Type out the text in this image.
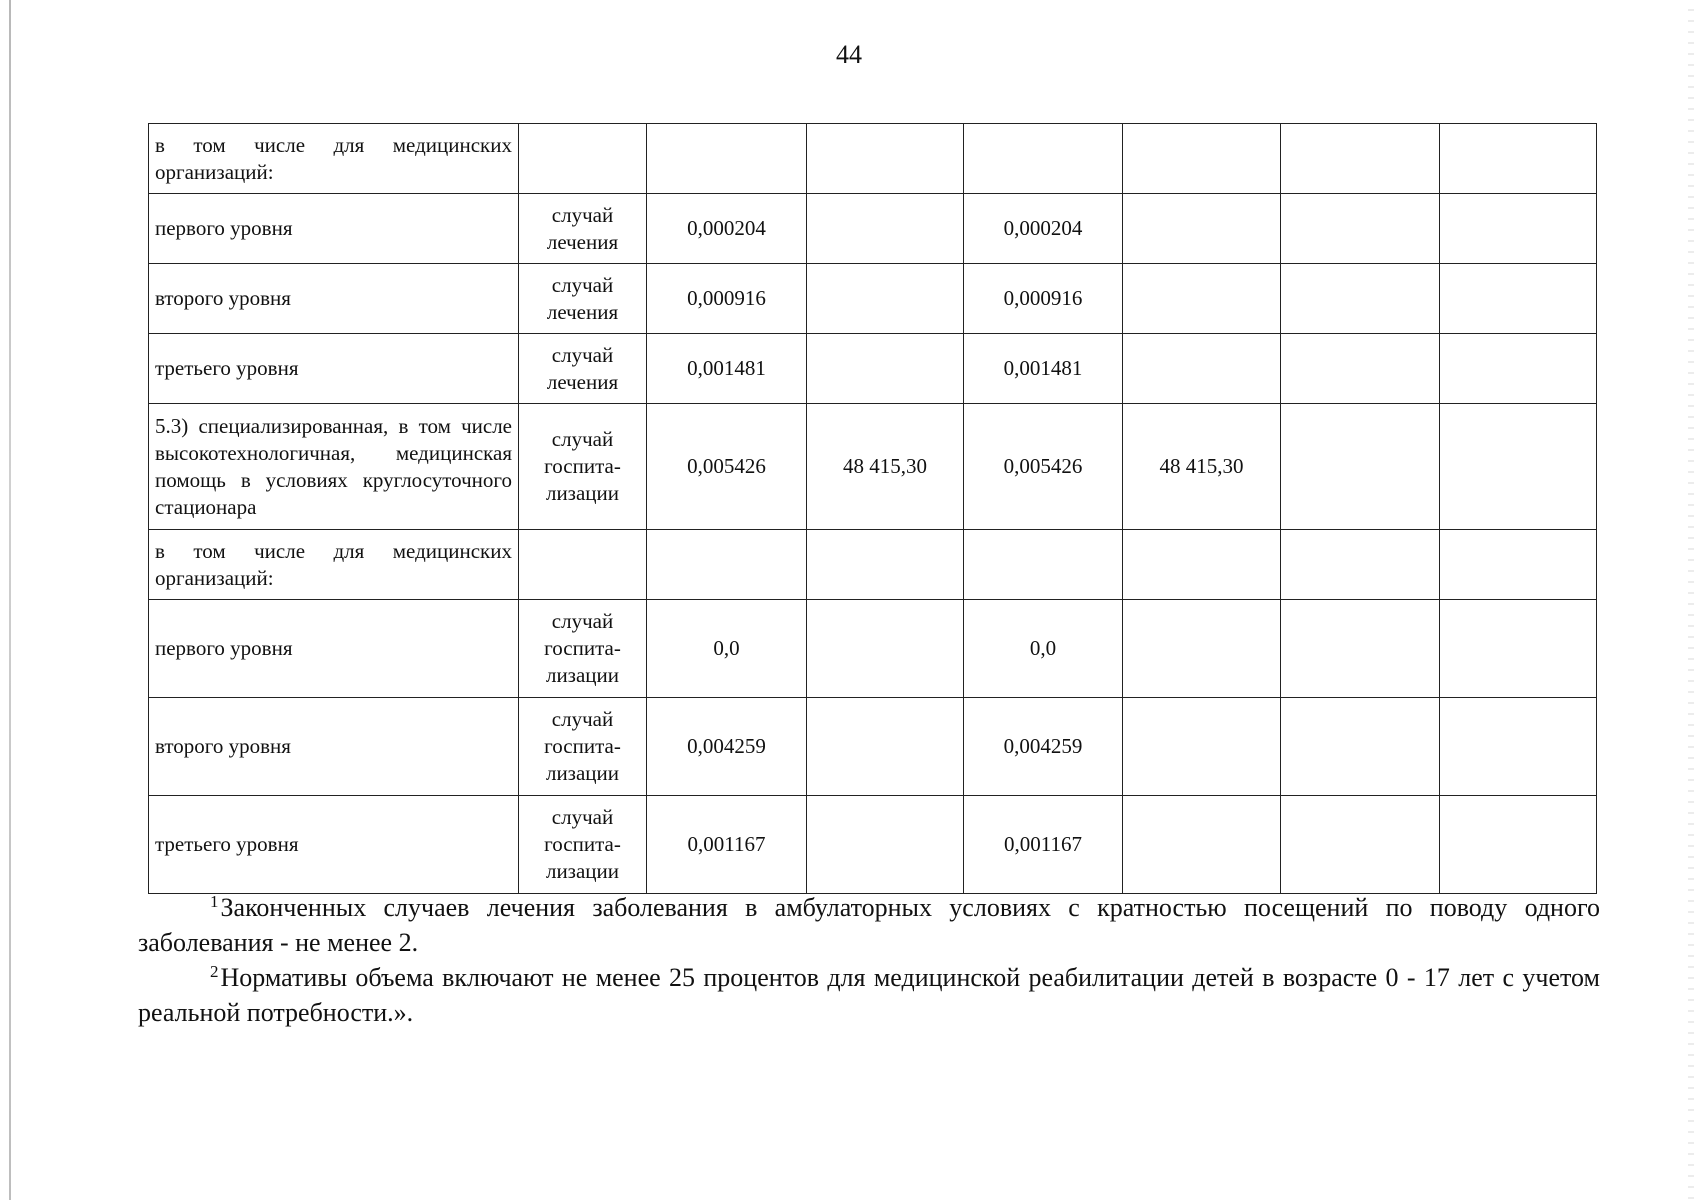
44
в том числе для медицинских организаций:							
первого уровня	случай лечения	0,000204		0,000204			
второго уровня	случай лечения	0,000916		0,000916			
третьего уровня	случай лечения	0,001481		0,001481			
5.3) специализированная, в том числе высокотехнологичная, медицинская помощь в условиях круглосуточного стационара	случай госпита-лизации	0,005426	48 415,30	0,005426	48 415,30		
в том числе для медицинских организаций:							
первого уровня	случай госпита-лизации	0,0		0,0			
второго уровня	случай госпита-лизации	0,004259		0,004259			
третьего уровня	случай госпита-лизации	0,001167		0,001167			

$^1$Законченных случаев лечения заболевания в амбулаторных условиях с кратностью посещений по поводу одного заболевания - не менее 2.

$^2$Нормативы объема включают не менее 25 процентов для медицинской реабилитации детей в возрасте 0 - 17 лет с учетом реальной потребности.».
